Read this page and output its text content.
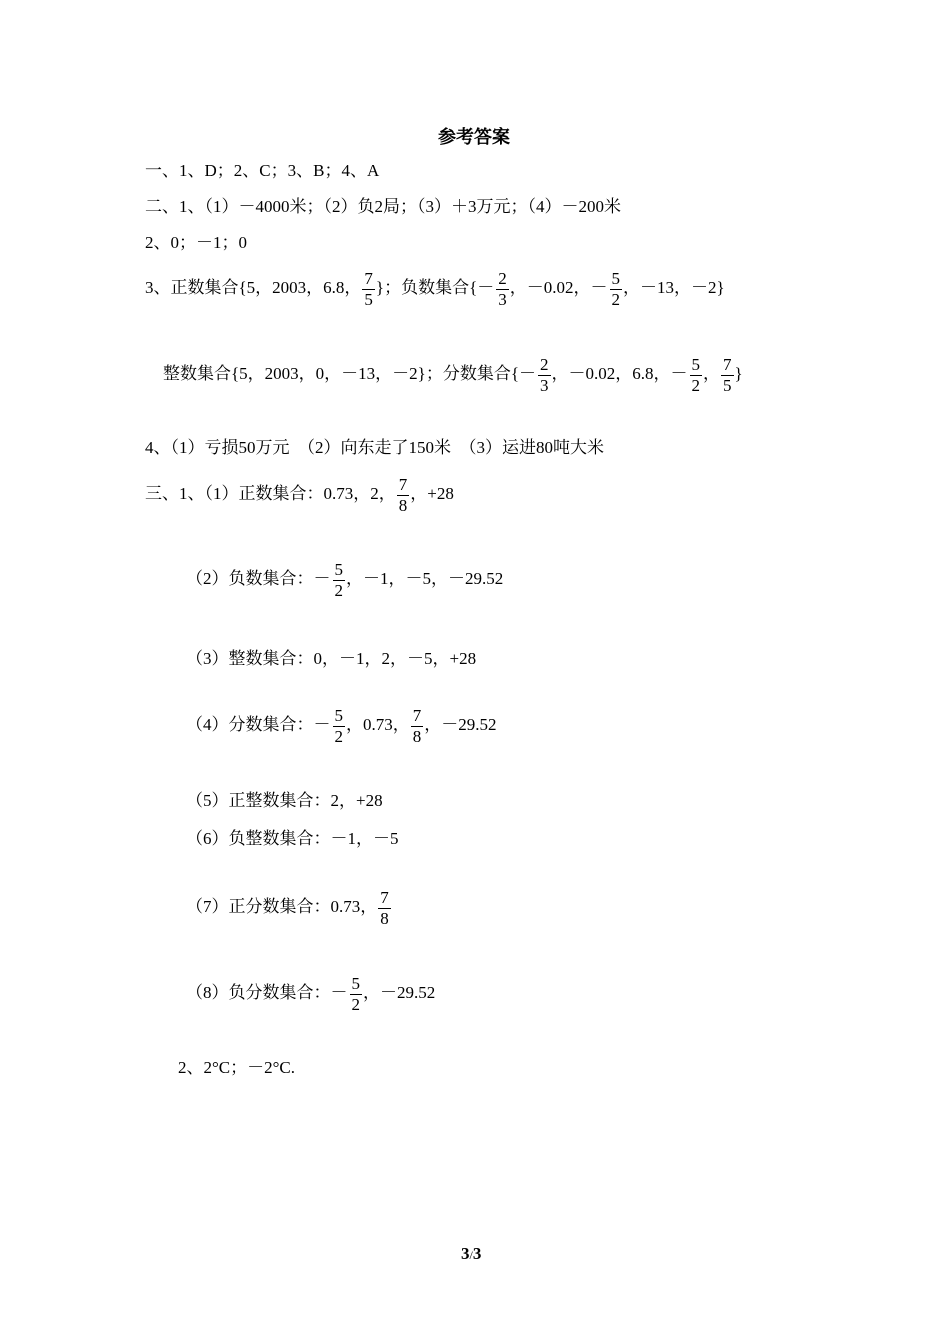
参考答案
一、1、D；2、C；3、B；4、A
二、1、（1）－4000米；（2）负2局；（3）＋3万元；（4）－200米
2、0；－1；0
3、正数集合{5，2003，6.8， $\frac{7}{5}$ }；负数集合{－ $\frac{2}{3}$ ，－0.02，－ $\frac{5}{2}$ ，－13，－2}
整数集合{5，2003，0，－13，－2}；分数集合{－ $\frac{2}{3}$ ，－0.02，6.8，－ $\frac{5}{2}$ ， $\frac{7}{5}$ }
4、（1）亏损50万元　（2）向东走了150米　（3）运进80吨大米
三、1、（1）正数集合：0.73，2， $\frac{7}{8}$ ，+28
（2）负数集合：－ $\frac{5}{2}$ ，－1，－5，－29.52
（3）整数集合：0，－1，2，－5，+28
（4）分数集合：－ $\frac{5}{2}$ ，0.73， $\frac{7}{8}$ ，－29.52
（5）正整数集合：2，+28
（6）负整数集合：－1，－5
（7）正分数集合：0.73， $\frac{7}{8}$
（8）负分数集合：－ $\frac{5}{2}$ ，－29.52
2、2°C；－2°C.
3/3
